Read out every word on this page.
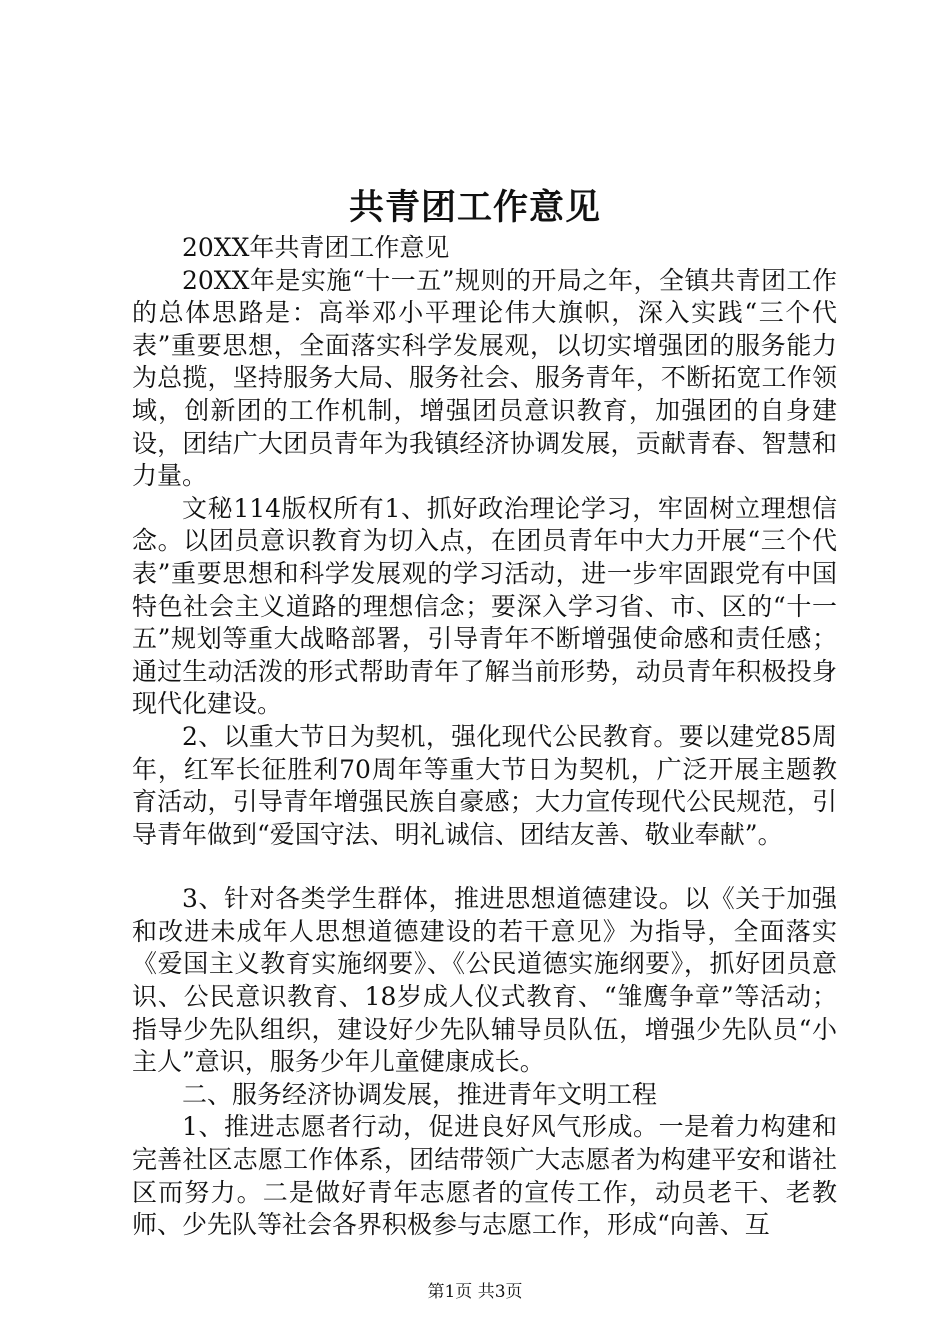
共青团工作意见

20XX年共青团工作意见

20XX年是实施“十一五”规则的开局之年，全镇共青团工作的总体思路是：高举邓小平理论伟大旗帜，深入实践“三个代表”重要思想，全面落实科学发展观，以切实增强团的服务能力为总揽，坚持服务大局、服务社会、服务青年，不断拓宽工作领域，创新团的工作机制，增强团员意识教育，加强团的自身建设，团结广大团员青年为我镇经济协调发展，贡献青春、智慧和力量。

文秘114版权所有1、抓好政治理论学习，牢固树立理想信念。以团员意识教育为切入点，在团员青年中大力开展“三个代表”重要思想和科学发展观的学习活动，进一步牢固跟党有中国特色社会主义道路的理想信念；要深入学习省、市、区的“十一五”规划等重大战略部署，引导青年不断增强使命感和责任感；通过生动活泼的形式帮助青年了解当前形势，动员青年积极投身现代化建设。

2、以重大节日为契机，强化现代公民教育。要以建党85周年，红军长征胜利70周年等重大节日为契机，广泛开展主题教育活动，引导青年增强民族自豪感；大力宣传现代公民规范，引导青年做到“爱国守法、明礼诚信、团结友善、敬业奉献”。

3、针对各类学生群体，推进思想道德建设。以《关于加强和改进未成年人思想道德建设的若干意见》为指导，全面落实《爱国主义教育实施纲要》、《公民道德实施纲要》，抓好团员意识、公民意识教育、18岁成人仪式教育、“雏鹰争章”等活动；指导少先队组织，建设好少先队辅导员队伍，增强少先队员“小主人”意识，服务少年儿童健康成长。

二、服务经济协调发展，推进青年文明工程

1、推进志愿者行动，促进良好风气形成。一是着力构建和完善社区志愿工作体系，团结带领广大志愿者为构建平安和谐社区而努力。二是做好青年志愿者的宣传工作，动员老干、老教师、少先队等社会各界积极参与志愿工作，形成“向善、互

第1页 共3页
